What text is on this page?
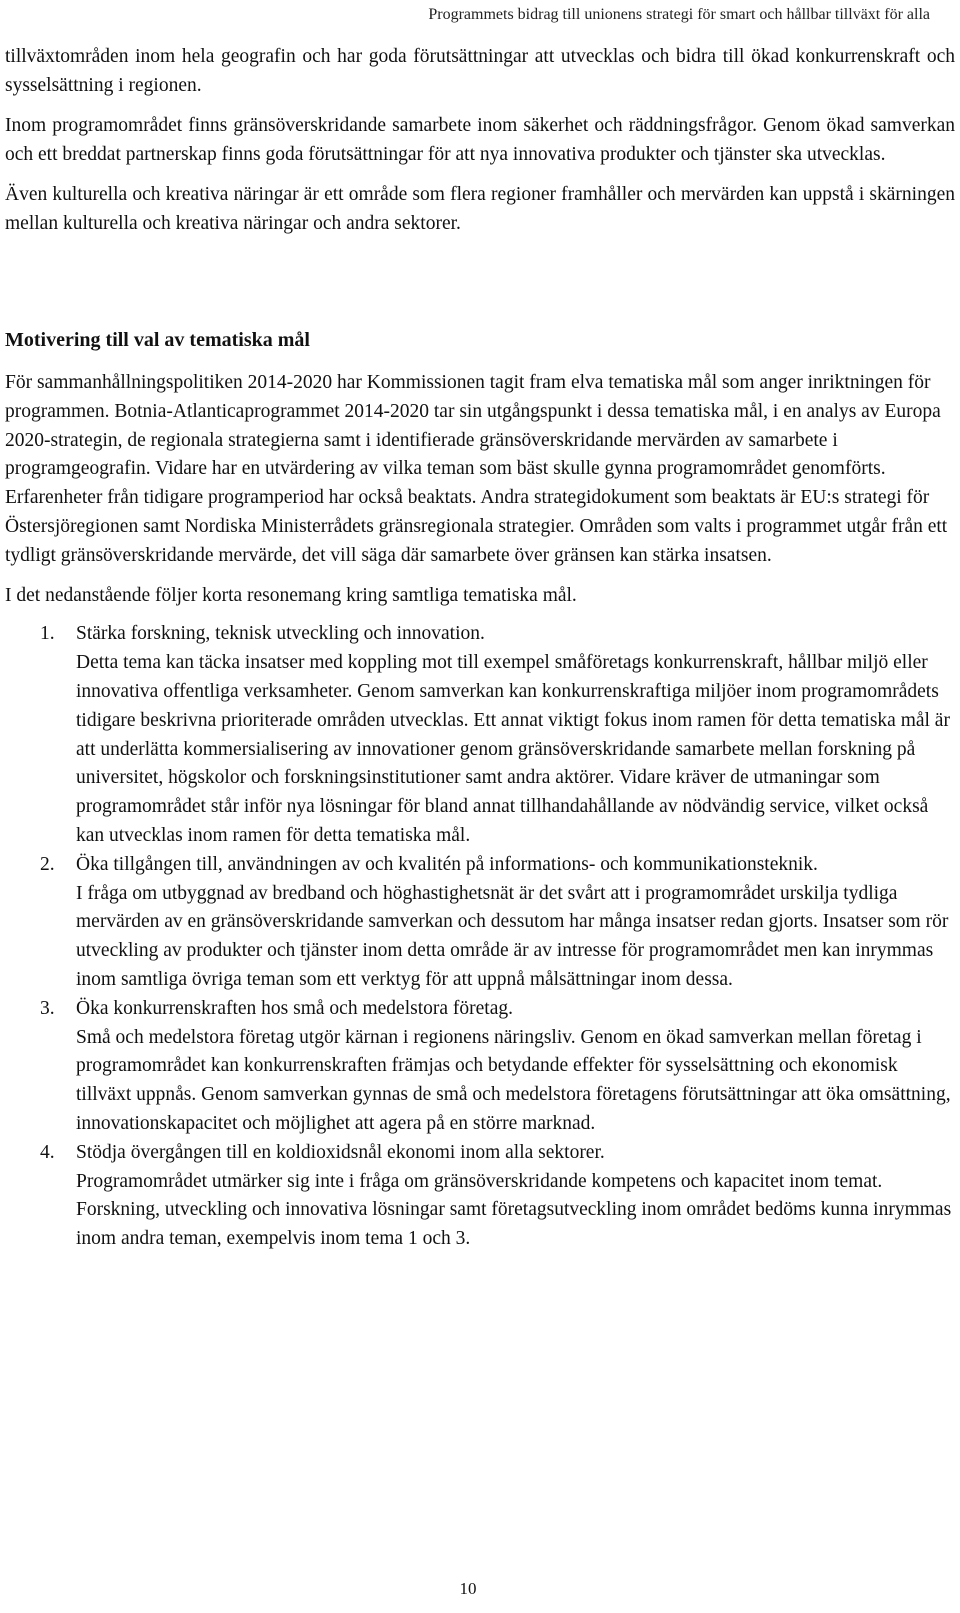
Programmets bidrag till unionens strategi för smart och hållbar tillväxt för alla

tillväxtområden inom hela geografin och har goda förutsättningar att utvecklas och bidra till ökad konkurrenskraft och sysselsättning i regionen.

Inom programområdet finns gränsöverskridande samarbete inom säkerhet och räddningsfrågor. Genom ökad samverkan och ett breddat partnerskap finns goda förutsättningar för att nya innovativa produkter och tjänster ska utvecklas.

Även kulturella och kreativa näringar är ett område som flera regioner framhåller och mervärden kan uppstå i skärningen mellan kulturella och kreativa näringar och andra sektorer.

Motivering till val av tematiska mål

För sammanhållningspolitiken 2014-2020 har Kommissionen tagit fram elva tematiska mål som anger inriktningen för programmen. Botnia-Atlanticaprogrammet 2014-2020 tar sin utgångspunkt i dessa tematiska mål, i en analys av Europa 2020-strategin, de regionala strategierna samt i identifierade gränsöverskridande mervärden av samarbete i programgeografin. Vidare har en utvärdering av vilka teman som bäst skulle gynna programområdet genomförts. Erfarenheter från tidigare programperiod har också beaktats. Andra strategidokument som beaktats är EU:s strategi för Östersjöregionen samt Nordiska Ministerrådets gränsregionala strategier. Områden som valts i programmet utgår från ett tydligt gränsöverskridande mervärde, det vill säga där samarbete över gränsen kan stärka insatsen.

I det nedanstående följer korta resonemang kring samtliga tematiska mål.

1. Stärka forskning, teknisk utveckling och innovation.
Detta tema kan täcka insatser med koppling mot till exempel småföretags konkurrenskraft, hållbar miljö eller innovativa offentliga verksamheter. Genom samverkan kan konkurrenskraftiga miljöer inom programområdets tidigare beskrivna prioriterade områden utvecklas. Ett annat viktigt fokus inom ramen för detta tematiska mål är att underlätta kommersialisering av innovationer genom gränsöverskridande samarbete mellan forskning på universitet, högskolor och forskningsinstitutioner samt andra aktörer. Vidare kräver de utmaningar som programområdet står inför nya lösningar för bland annat tillhandahållande av nödvändig service, vilket också kan utvecklas inom ramen för detta tematiska mål.
2. Öka tillgången till, användningen av och kvalitén på informations- och kommunikationsteknik.
I fråga om utbyggnad av bredband och höghastighetsnät är det svårt att i programområdet urskilja tydliga mervärden av en gränsöverskridande samverkan och dessutom har många insatser redan gjorts. Insatser som rör utveckling av produkter och tjänster inom detta område är av intresse för programområdet men kan inrymmas inom samtliga övriga teman som ett verktyg för att uppnå målsättningar inom dessa.
3. Öka konkurrenskraften hos små och medelstora företag.
Små och medelstora företag utgör kärnan i regionens näringsliv. Genom en ökad samverkan mellan företag i programområdet kan konkurrenskraften främjas och betydande effekter för sysselsättning och ekonomisk tillväxt uppnås. Genom samverkan gynnas de små och medelstora företagens förutsättningar att öka omsättning, innovationskapacitet och möjlighet att agera på en större marknad.
4. Stödja övergången till en koldioxidsnål ekonomi inom alla sektorer.
Programområdet utmärker sig inte i fråga om gränsöverskridande kompetens och kapacitet inom temat. Forskning, utveckling och innovativa lösningar samt företagsutveckling inom området bedöms kunna inrymmas inom andra teman, exempelvis inom tema 1 och 3.
10
